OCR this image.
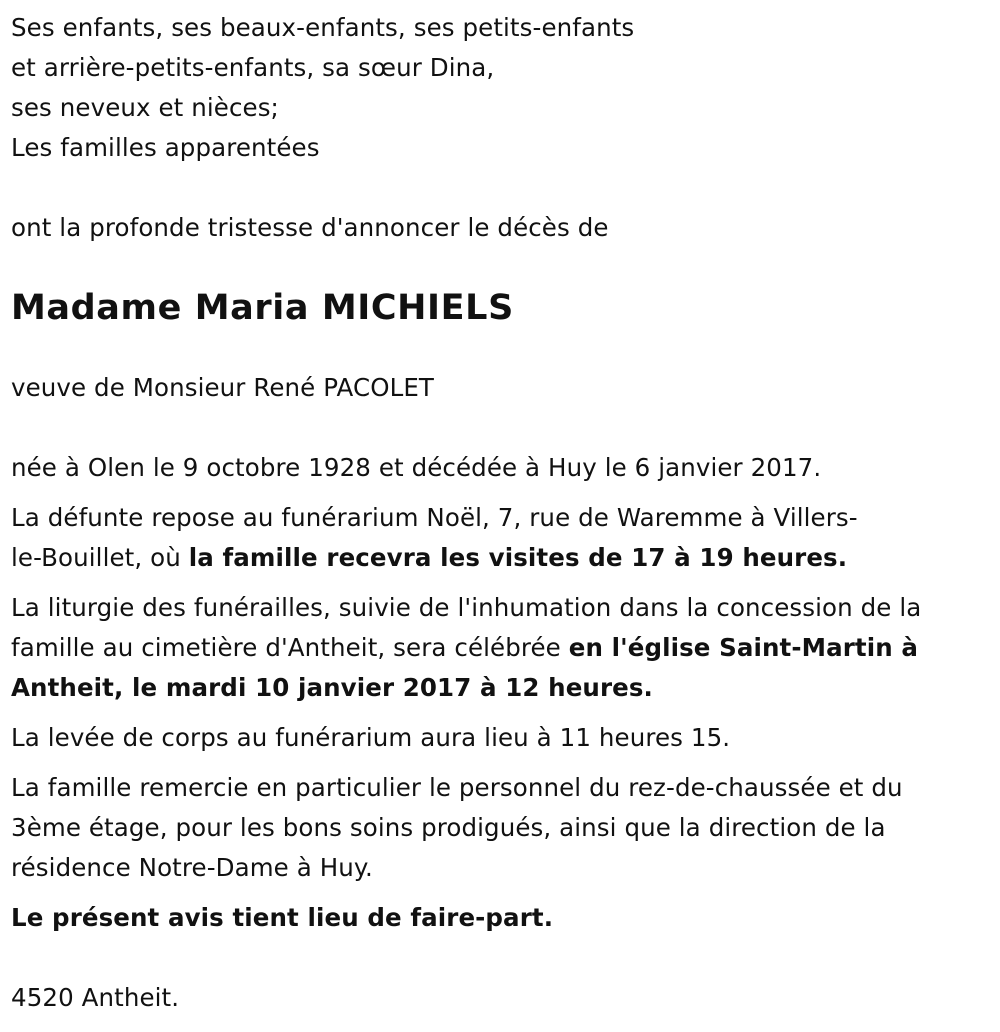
Ses enfants, ses beaux-enfants, ses petits-enfants
et arrière-petits-enfants, sa sœur Dina,
ses neveux et nièces;
Les familles apparentées
ont la profonde tristesse d'annoncer le décès de
Madame Maria MICHIELS
veuve de Monsieur René PACOLET
née à Olen le 9 octobre 1928 et décédée à Huy le 6 janvier 2017.
La défunte repose au funérarium Noël, 7, rue de Waremme à Villers-
le-Bouillet, où la famille recevra les visites de 17 à 19 heures.
La liturgie des funérailles, suivie de l'inhumation dans la concession de la
famille au cimetière d'Antheit, sera célébrée en l'église Saint-Martin à
Antheit, le mardi 10 janvier 2017 à 12 heures.
La levée de corps au funérarium aura lieu à 11 heures 15.
La famille remercie en particulier le personnel du rez-de-chaussée et du
3ème étage, pour les bons soins prodigués, ainsi que la direction de la
résidence Notre-Dame à Huy.
Le présent avis tient lieu de faire-part.
4520 Antheit.
